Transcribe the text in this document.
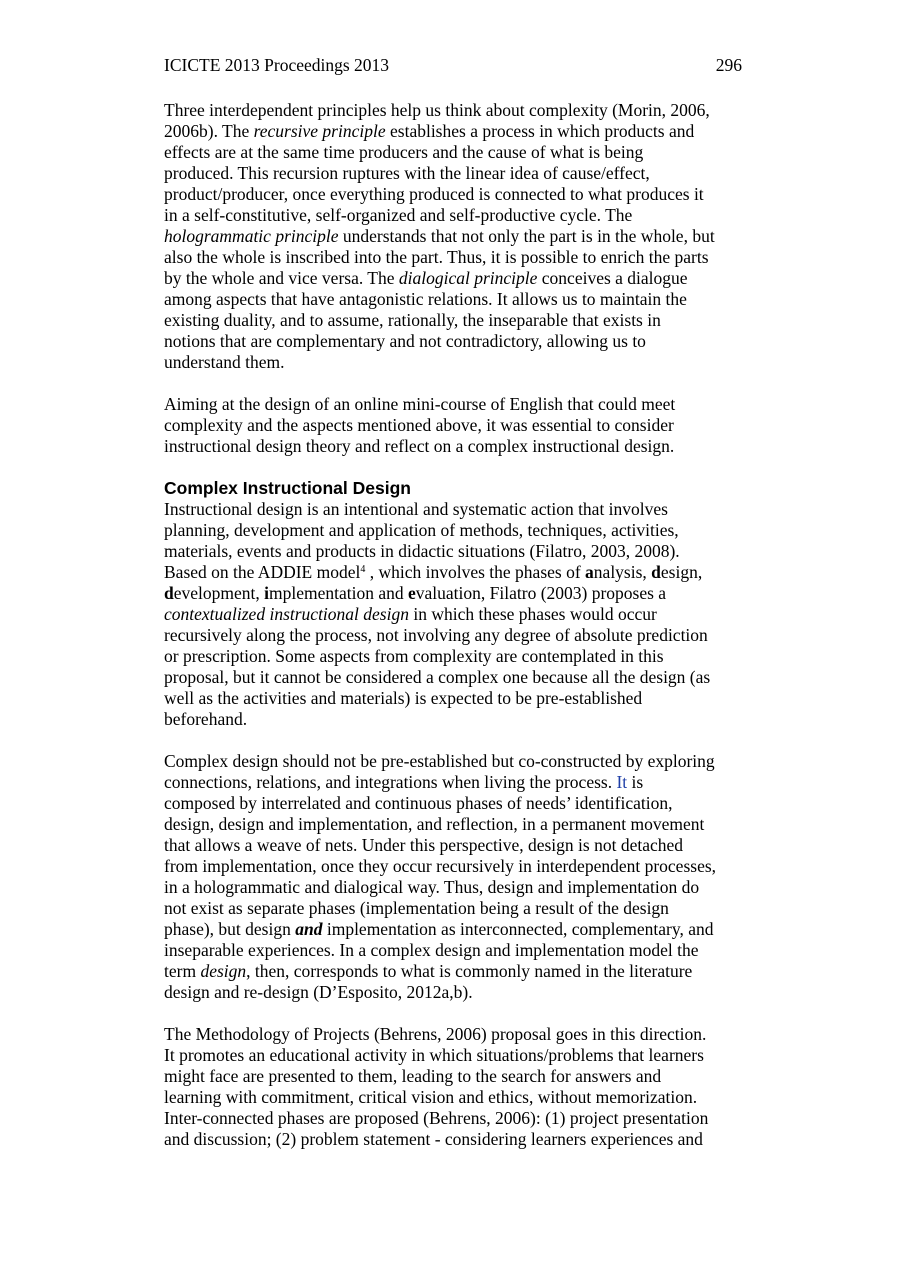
ICICTE 2013 Proceedings 2013	296
Three interdependent principles help us think about complexity (Morin, 2006,
2006b). The recursive principle establishes a process in which products and
effects are at the same time producers and the cause of what is being
produced. This recursion ruptures with the linear idea of cause/effect,
product/producer, once everything produced is connected to what produces it
in a self-constitutive, self-organized and self-productive cycle. The
hologrammatic principle understands that not only the part is in the whole, but
also the whole is inscribed into the part. Thus, it is possible to enrich the parts
by the whole and vice versa. The dialogical principle conceives a dialogue
among aspects that have antagonistic relations. It allows us to maintain the
existing duality, and to assume, rationally, the inseparable that exists in
notions that are complementary and not contradictory, allowing us to
understand them.
Aiming at the design of an online mini-course of English that could meet
complexity and the aspects mentioned above, it was essential to consider
instructional design theory and reflect on a complex instructional design.
Complex Instructional Design
Instructional design is an intentional and systematic action that involves
planning, development and application of methods, techniques, activities,
materials, events and products in didactic situations (Filatro, 2003, 2008).
Based on the ADDIE model$^4$ , which involves the phases of analysis, design,
development, implementation and evaluation, Filatro (2003) proposes a
contextualized instructional design in which these phases would occur
recursively along the process, not involving any degree of absolute prediction
or prescription. Some aspects from complexity are contemplated in this
proposal, but it cannot be considered a complex one because all the design (as
well as the activities and materials) is expected to be pre-established
beforehand.
Complex design should not be pre-established but co-constructed by exploring
connections, relations, and integrations when living the process. It is
composed by interrelated and continuous phases of needs’ identification,
design, design and implementation, and reflection, in a permanent movement
that allows a weave of nets. Under this perspective, design is not detached
from implementation, once they occur recursively in interdependent processes,
in a hologrammatic and dialogical way. Thus, design and implementation do
not exist as separate phases (implementation being a result of the design
phase), but design and implementation as interconnected, complementary, and
inseparable experiences. In a complex design and implementation model the
term design, then, corresponds to what is commonly named in the literature
design and re-design (D’Esposito, 2012a,b).
The Methodology of Projects (Behrens, 2006) proposal goes in this direction.
It promotes an educational activity in which situations/problems that learners
might face are presented to them, leading to the search for answers and
learning with commitment, critical vision and ethics, without memorization.
Inter-connected phases are proposed (Behrens, 2006): (1) project presentation
and discussion; (2) problem statement - considering learners experiences and
